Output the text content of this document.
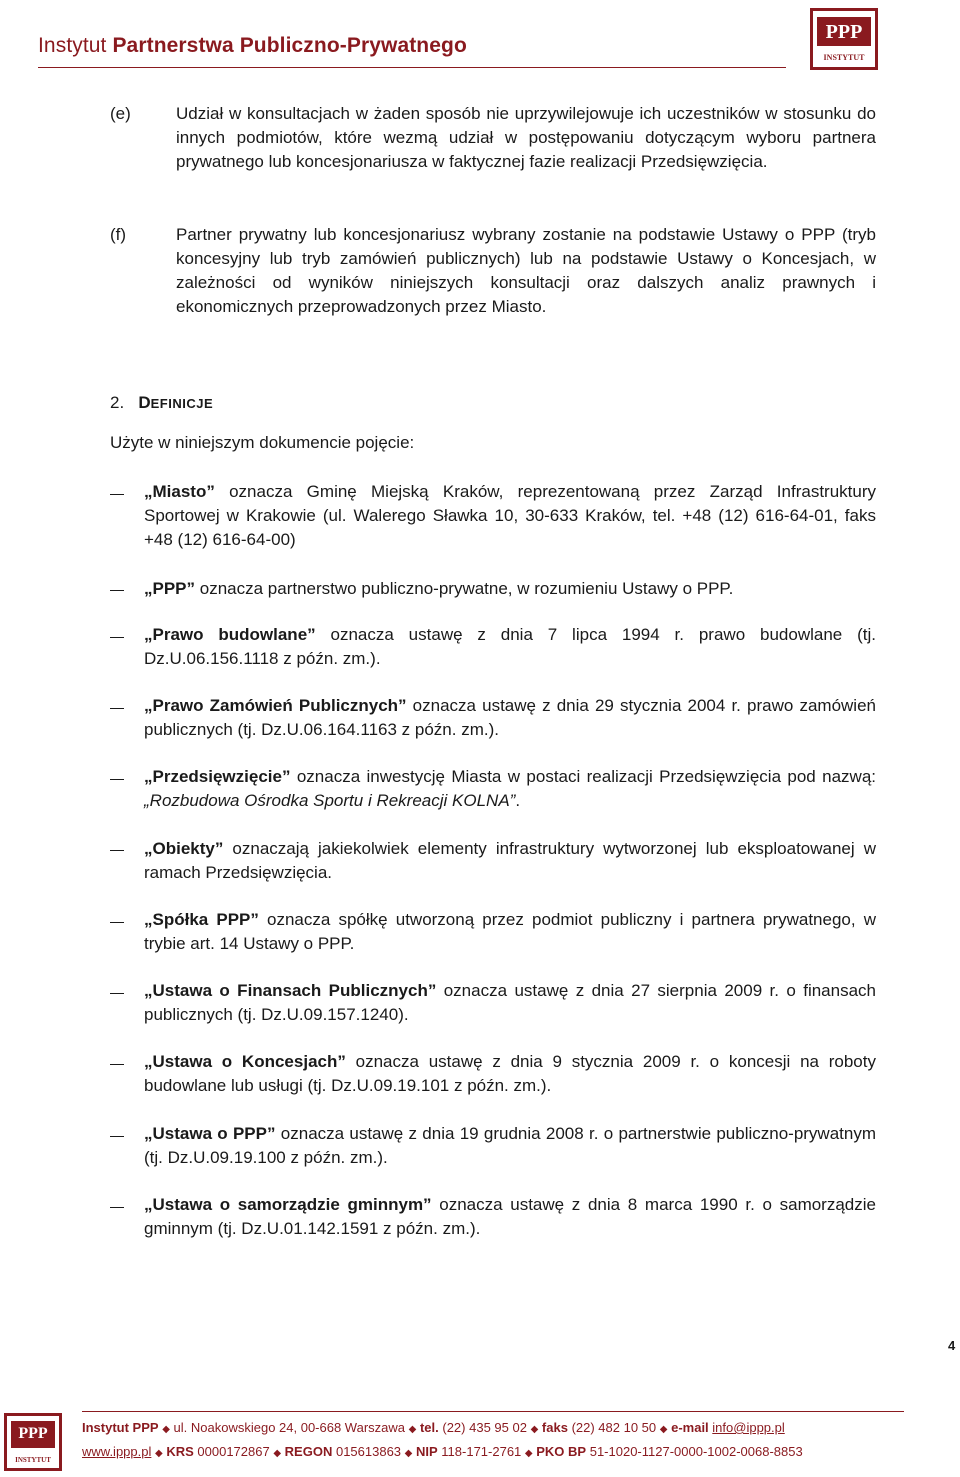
Instytut Partnerstwa Publiczno-Prywatnego
PPP
INSTYTUT
(e)	Udział w konsultacjach w żaden sposób nie uprzywilejowuje ich uczestników w stosunku do innych podmiotów, które wezmą udział w postępowaniu dotyczącym wyboru partnera prywatnego lub koncesjonariusza w faktycznej fazie realizacji Przedsięwzięcia.
(f)	Partner prywatny lub koncesjonariusz wybrany zostanie na podstawie Ustawy o PPP (tryb koncesyjny lub tryb zamówień publicznych) lub na podstawie Ustawy o Koncesjach, w zależności od wyników niniejszych konsultacji oraz dalszych analiz prawnych i ekonomicznych przeprowadzonych przez Miasto.
2. DEFINICJE
Użyte w niniejszym dokumencie pojęcie:
„Miasto” oznacza Gminę Miejską Kraków, reprezentowaną przez Zarząd Infrastruktury Sportowej w Krakowie (ul. Walerego Sławka 10, 30-633 Kraków, tel. +48 (12) 616-64-01, faks +48 (12) 616-64-00)
„PPP” oznacza partnerstwo publiczno-prywatne, w rozumieniu Ustawy o PPP.
„Prawo budowlane” oznacza ustawę z dnia 7 lipca 1994 r. prawo budowlane (tj. Dz.U.06.156.1118 z późn. zm.).
„Prawo Zamówień Publicznych” oznacza ustawę z dnia 29 stycznia 2004 r. prawo zamówień publicznych (tj. Dz.U.06.164.1163 z późn. zm.).
„Przedsięwzięcie” oznacza inwestycję Miasta w postaci realizacji Przedsięwzięcia pod nazwą: „Rozbudowa Ośrodka Sportu i Rekreacji KOLNA”.
„Obiekty” oznaczają jakiekolwiek elementy infrastruktury wytworzonej lub eksploatowanej w ramach Przedsięwzięcia.
„Spółka PPP” oznacza spółkę utworzoną przez podmiot publiczny i partnera prywatnego, w trybie art. 14 Ustawy o PPP.
„Ustawa o Finansach Publicznych” oznacza ustawę z dnia 27 sierpnia 2009 r. o finansach publicznych (tj. Dz.U.09.157.1240).
„Ustawa o Koncesjach” oznacza ustawę z dnia 9 stycznia 2009 r. o koncesji na roboty budowlane lub usługi (tj. Dz.U.09.19.101 z późn. zm.).
„Ustawa o PPP” oznacza ustawę z dnia 19 grudnia 2008 r. o partnerstwie publiczno-prywatnym (tj. Dz.U.09.19.100 z późn. zm.).
„Ustawa o samorządzie gminnym” oznacza ustawę z dnia 8 marca 1990 r. o samorządzie gminnym (tj. Dz.U.01.142.1591 z późn. zm.).
4
PPP
INSTYTUT
Instytut PPP ◆ ul. Noakowskiego 24, 00-668 Warszawa ◆ tel. (22) 435 95 02 ◆ faks (22) 482 10 50 ◆ e-mail info@ippp.pl
www.ippp.pl ◆ KRS 0000172867 ◆ REGON 015613863 ◆ NIP 118-171-2761 ◆ PKO BP 51-1020-1127-0000-1002-0068-8853
